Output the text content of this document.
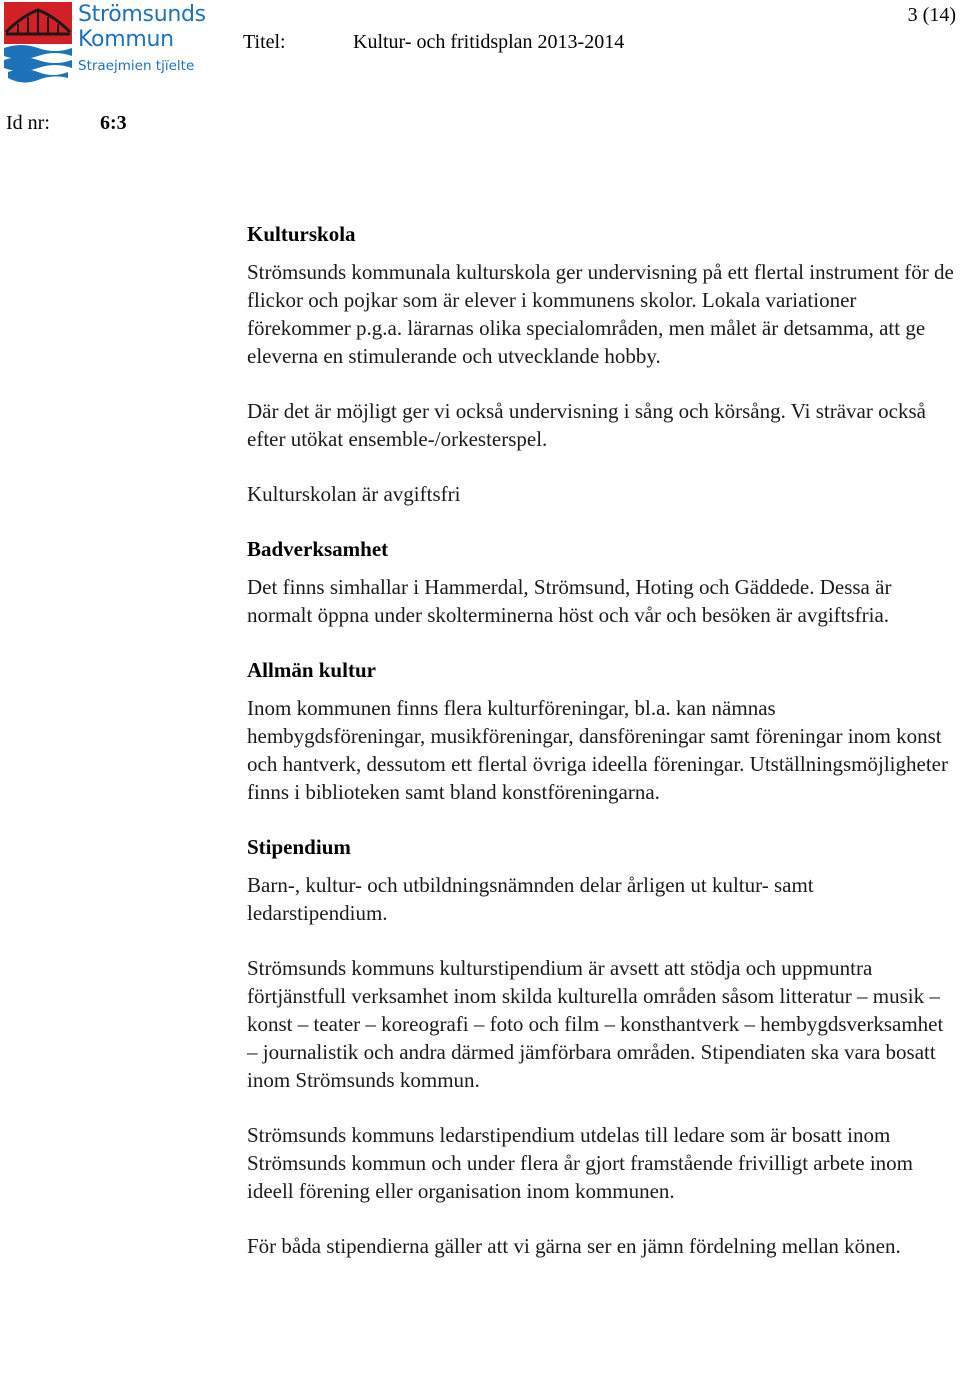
Strömsunds
Kommun
Straejmien tjïelte
Titel:	Kultur- och fritidsplan 2013-2014
3 (14)
Id nr:	6:3
Kulturskola

Strömsunds kommunala kulturskola ger undervisning på ett flertal instrument för de flickor och pojkar som är elever i kommunens skolor. Lokala variationer förekommer p.g.a. lärarnas olika specialområden, men målet är detsamma, att ge eleverna en stimulerande och utvecklande hobby.

Där det är möjligt ger vi också undervisning i sång och körsång. Vi strävar också efter utökat ensemble-/orkesterspel.

Kulturskolan är avgiftsfri

Badverksamhet

Det finns simhallar i Hammerdal, Strömsund, Hoting och Gäddede. Dessa är normalt öppna under skolterminerna höst och vår och besöken är avgiftsfria.

Allmän kultur

Inom kommunen finns flera kulturföreningar, bl.a. kan nämnas hembygdsföreningar, musikföreningar, dansföreningar samt föreningar inom konst och hantverk, dessutom ett flertal övriga ideella föreningar. Utställningsmöjligheter finns i biblioteken samt bland konstföreningarna.

Stipendium

Barn-, kultur- och utbildningsnämnden delar årligen ut kultur- samt ledarstipendium.

Strömsunds kommuns kulturstipendium är avsett att stödja och uppmuntra förtjänstfull verksamhet inom skilda kulturella områden såsom litteratur – musik – konst – teater – koreografi – foto och film – konsthantverk – hembygdsverksamhet – journalistik och andra därmed jämförbara områden. Stipendiaten ska vara bosatt inom Strömsunds kommun.

Strömsunds kommuns ledarstipendium utdelas till ledare som är bosatt inom Strömsunds kommun och under flera år gjort framstående frivilligt arbete inom ideell förening eller organisation inom kommunen.

För båda stipendierna gäller att vi gärna ser en jämn fördelning mellan könen.
